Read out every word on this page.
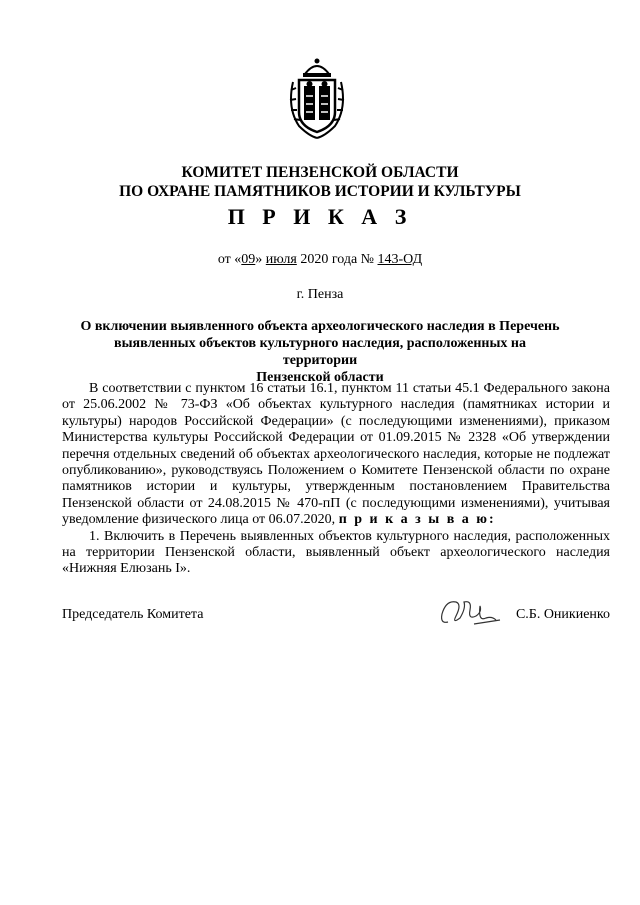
КОМИТЕТ ПЕНЗЕНСКОЙ ОБЛАСТИ
ПО ОХРАНЕ ПАМЯТНИКОВ ИСТОРИИ И КУЛЬТУРЫ
П Р И К А З
от «09» июля 2020 года № 143-ОД
г. Пенза
О включении выявленного объекта археологического наследия в Перечень
выявленных объектов культурного наследия, расположенных на территории
Пензенской области

В соответствии с пунктом 16 статьи 16.1, пунктом 11 статьи 45.1 Федерального закона от 25.06.2002 № 73-ФЗ «Об объектах культурного наследия (памятниках истории и культуры) народов Российской Федерации» (с последующими изменениями), приказом Министерства культуры Российской Федерации от 01.09.2015 № 2328 «Об утверждении перечня отдельных сведений об объектах археологического наследия, которые не подлежат опубликованию», руководствуясь Положением о Комитете Пензенской области по охране памятников истории и культуры, утвержденным постановлением Правительства Пензенской области от 24.08.2015 № 470-пП (с последующими изменениями), учитывая уведомление физического лица от 06.07.2020, п р и к а з ы в а ю:

1. Включить в Перечень выявленных объектов культурного наследия, расположенных на территории Пензенской области, выявленный объект археологического наследия «Нижняя Елюзань I».

Председатель Комитета	С.Б. Оникиенко
